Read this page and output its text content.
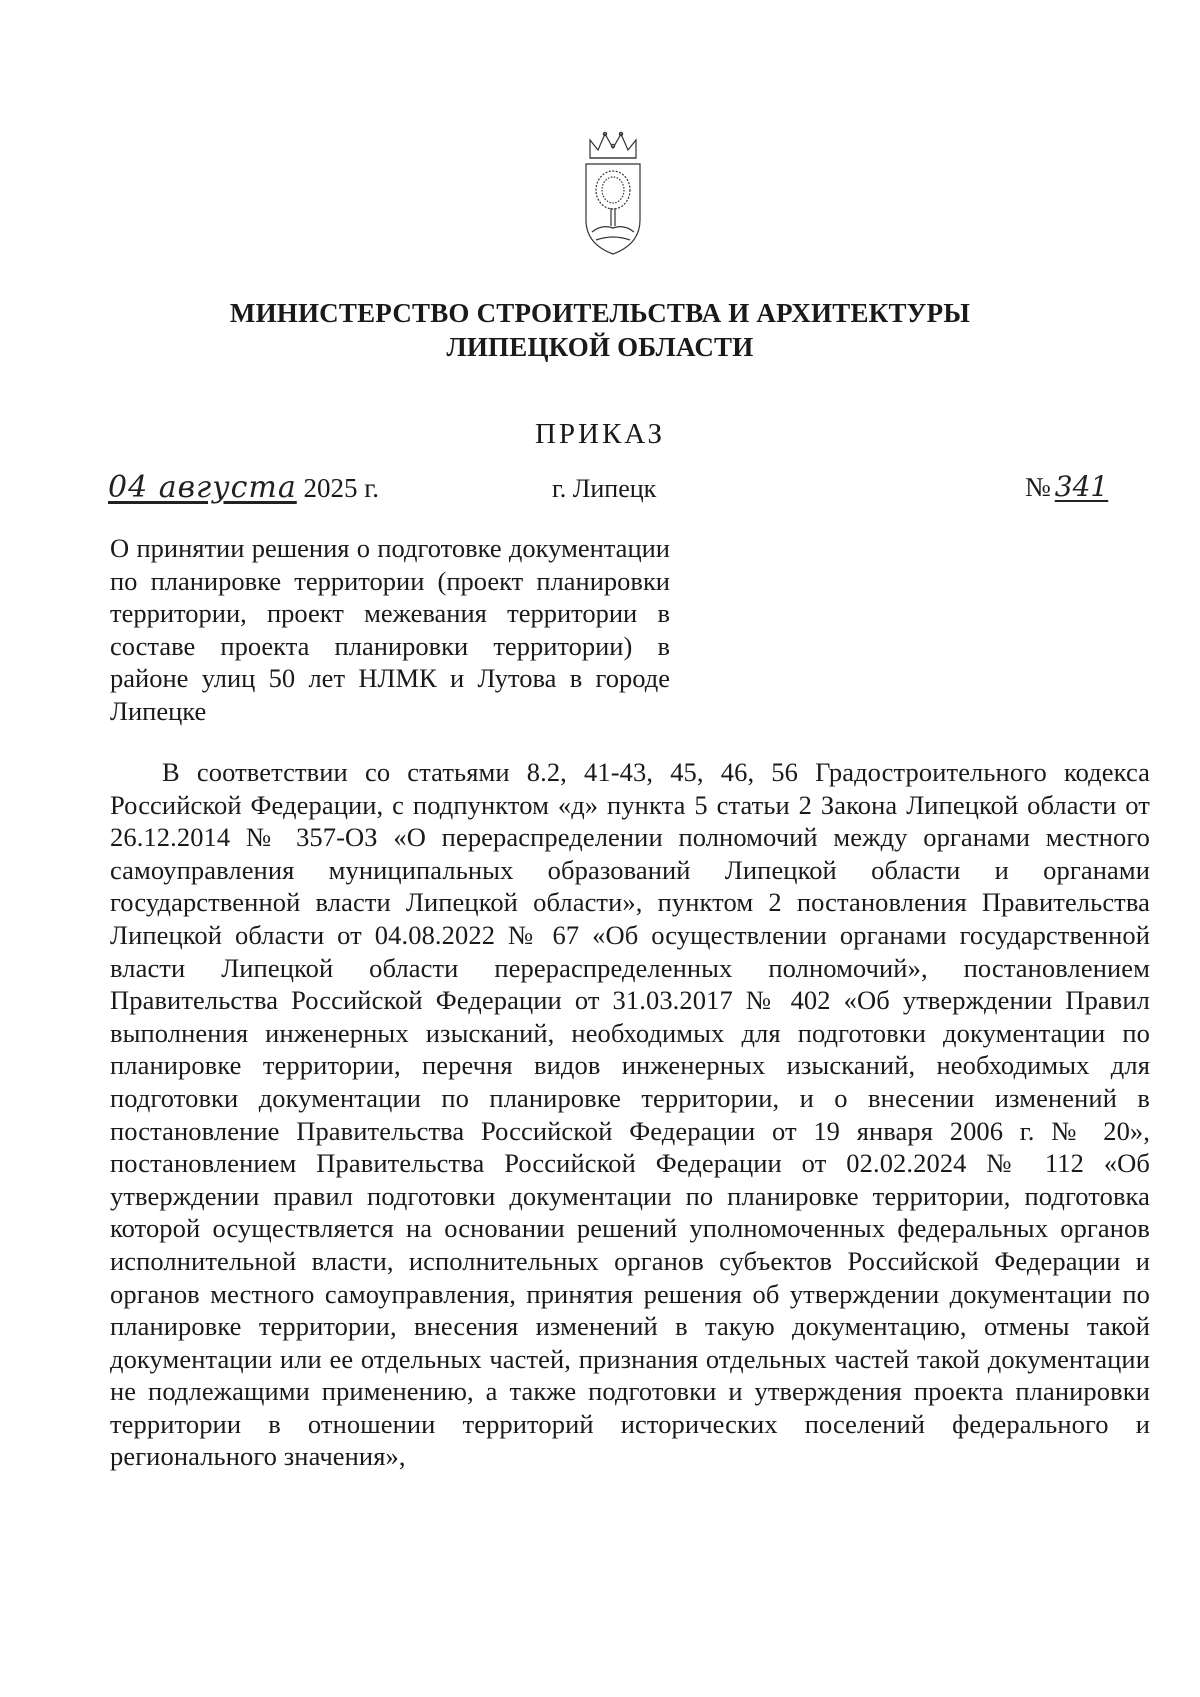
МИНИСТЕРСТВО СТРОИТЕЛЬСТВА И АРХИТЕКТУРЫ
ЛИПЕЦКОЙ ОБЛАСТИ
ПРИКАЗ
04 августа 2025 г.	г. Липецк	№ 341
О принятии решения о подготовке документации по планировке территории (проект планировки территории, проект межевания территории в составе проекта планировки территории) в районе улиц 50 лет НЛМК и Лутова в городе Липецке
В соответствии со статьями 8.2, 41-43, 45, 46, 56 Градостроительного кодекса Российской Федерации, с подпунктом «д» пункта 5 статьи 2 Закона Липецкой области от 26.12.2014 № 357-ОЗ «О перераспределении полномочий между органами местного самоуправления муниципальных образований Липецкой области и органами государственной власти Липецкой области», пунктом 2 постановления Правительства Липецкой области от 04.08.2022 № 67 «Об осуществлении органами государственной власти Липецкой области перераспределенных полномочий», постановлением Правительства Российской Федерации от 31.03.2017 № 402 «Об утверждении Правил выполнения инженерных изысканий, необходимых для подготовки документации по планировке территории, перечня видов инженерных изысканий, необходимых для подготовки документации по планировке территории, и о внесении изменений в постановление Правительства Российской Федерации от 19 января 2006 г. № 20», постановлением Правительства Российской Федерации от 02.02.2024 № 112 «Об утверждении правил подготовки документации по планировке территории, подготовка которой осуществляется на основании решений уполномоченных федеральных органов исполнительной власти, исполнительных органов субъектов Российской Федерации и органов местного самоуправления, принятия решения об утверждении документации по планировке территории, внесения изменений в такую документацию, отмены такой документации или ее отдельных частей, признания отдельных частей такой документации не подлежащими применению, а также подготовки и утверждения проекта планировки территории в отношении территорий исторических поселений федерального и регионального значения»,
